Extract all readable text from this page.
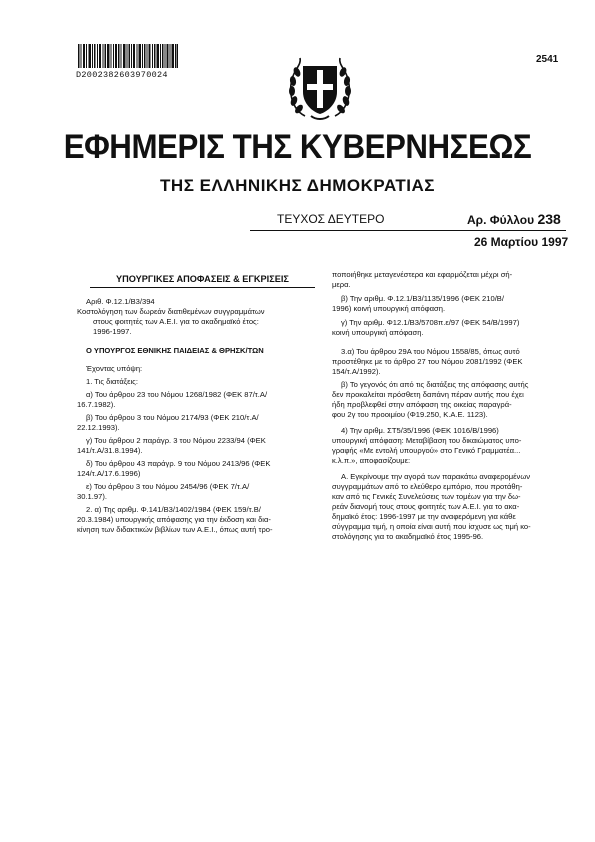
D2002382603970024
2541
ΕΦΗΜΕΡΙΣ ΤΗΣ ΚΥΒΕΡΝΗΣΕΩΣ
ΤΗΣ ΕΛΛΗΝΙΚΗΣ ΔΗΜΟΚΡΑΤΙΑΣ
ΤΕΥΧΟΣ ΔΕΥΤΕΡΟ	Αρ. Φύλλου 238
26 Μαρτίου 1997
ΥΠΟΥΡΓΙΚΕΣ ΑΠΟΦΑΣΕΙΣ & ΕΓΚΡΙΣΕΙΣ
Αριθ. Φ.12.1/Β3/394
Κοστολόγηση των δωρεάν διατιθεμένων συγγραμμάτων
στους φοιτητές των Α.Ε.Ι. για το ακαδημαϊκό έτος:
1996-1997.
Ο ΥΠΟΥΡΓΟΣ ΕΘΝΙΚΗΣ ΠΑΙΔΕΙΑΣ & ΘΡΗΣΚ/ΤΩΝ
Έχοντας υπόψη:
1. Τις διατάξεις:
α) Του άρθρου 23 του Νόμου 1268/1982 (ΦΕΚ 87/τ.Α/
16.7.1982).
β) Του άρθρου 3 του Νόμου 2174/93 (ΦΕΚ 210/τ.Α/
22.12.1993).
γ) Του άρθρου 2 παράγρ. 3 του Νόμου 2233/94 (ΦΕΚ
141/τ.Α/31.8.1994).
δ) Του άρθρου 43 παράγρ. 9 του Νόμου 2413/96 (ΦΕΚ
124/τ.Α/17.6.1996)
ε) Του άρθρου 3 του Νόμου 2454/96 (ΦΕΚ 7/τ.Α/
30.1.97).
2. α) Της αριθμ. Φ.141/Β3/1402/1984 (ΦΕΚ 159/τ.Β/
20.3.1984) υπουργικής απόφασης για την έκδοση και δια-
κίνηση των διδακτικών βιβλίων των Α.Ε.Ι., όπως αυτή τρο-
ποποιήθηκε μεταγενέστερα και εφαρμόζεται μέχρι σή-
μερα.
β) Την αριθμ. Φ.12.1/Β3/1135/1996 (ΦΕΚ 210/Β/
1996) κοινή υπουργική απόφαση.
γ) Την αριθμ. Φ12.1/Β3/5708π.ε/97 (ΦΕΚ 54/Β/1997)
κοινή υπουργική απόφαση.
3.α) Του άρθρου 29Α του Νόμου 1558/85, όπως αυτό
προστέθηκε με το άρθρο 27 του Νόμου 2081/1992 (ΦΕΚ
154/τ.Α/1992).
β) Το γεγονός ότι από τις διατάξεις της απόφασης αυτής
δεν προκαλείται πρόσθετη δαπάνη πέραν αυτής που έχει
ήδη προβλεφθεί στην απόφαση της οικείας παραγρά-
φου 2γ του προοιμίου (Φ19.250, Κ.Α.Ε. 1123).
4) Την αριθμ. ΣΤ5/35/1996 (ΦΕΚ 1016/Β/1996)
υπουργική απόφαση: Μεταβίβαση του δικαιώματος υπο-
γραφής «Με εντολή υπουργού» στο Γενικό Γραμματέα...
κ.λ.π.», αποφασίζουμε:
Α. Εγκρίνουμε την αγορά των παρακάτω αναφερομένων
συγγραμμάτων από το ελεύθερο εμπόριο, που προτάθη-
καν από τις Γενικές Συνελεύσεις των τομέων για την δω-
ρεάν διανομή τους στους φοιτητές των Α.Ε.Ι. για το ακα-
δημαϊκό έτος: 1996-1997 με την αναφερόμενη για κάθε
σύγγραμμα τιμή, η οποία είναι αυτή που ίσχυσε ως τιμή κο-
στολόγησης για το ακαδημαϊκό έτος 1995-96.
